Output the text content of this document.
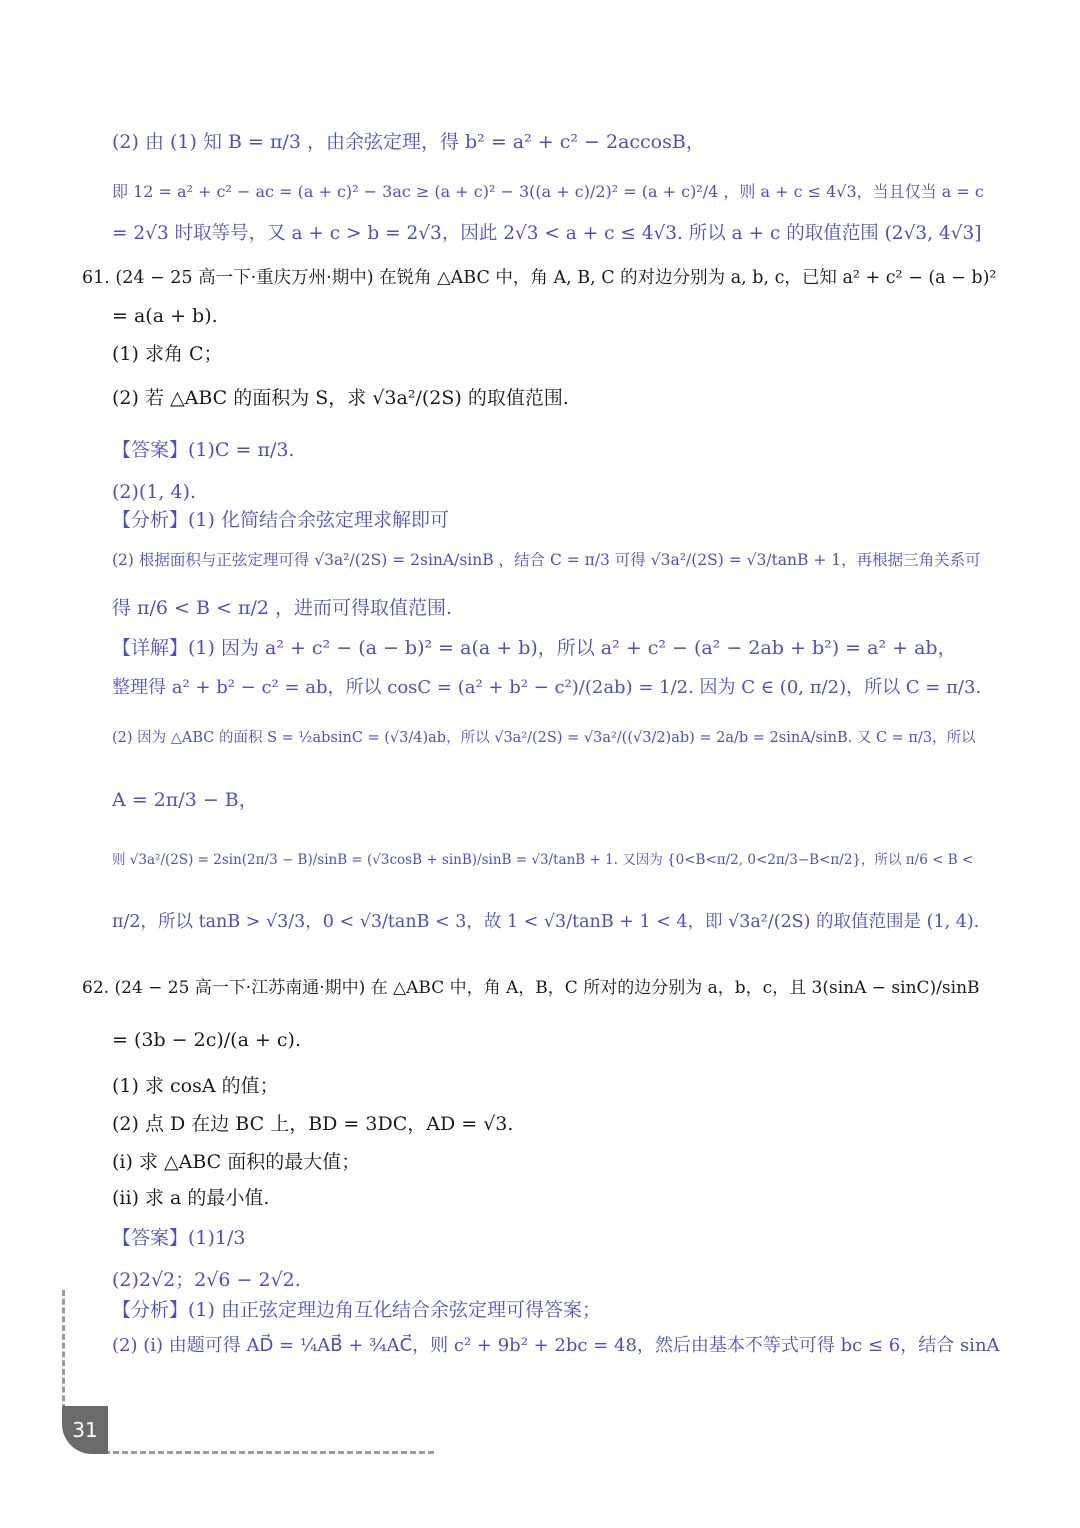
31
(2) 由 (1) 知 B = π/3 ，由余弦定理，得 b² = a² + c² − 2accosB，
即 12 = a² + c² − ac = (a + c)² − 3ac ≥ (a + c)² − 3((a + c)/2)² = (a + c)²/4 ，则 a + c ≤ 4√3，当且仅当 a = c
= 2√3 时取等号，又 a + c > b = 2√3，因此 2√3 < a + c ≤ 4√3. 所以 a + c 的取值范围 (2√3, 4√3]
= a(a + b).
(1) 求角 C；
(2) 若 △ABC 的面积为 S，求 √3a²/(2S) 的取值范围.
【答案】(1)C = π/3.
(2)(1, 4).
【分析】(1) 化简结合余弦定理求解即可
(2) 根据面积与正弦定理可得 √3a²/(2S) = 2sinA/sinB ，结合 C = π/3 可得 √3a²/(2S) = √3/tanB + 1，再根据三角关系可
得 π/6 < B < π/2 ，进而可得取值范围.
【详解】(1) 因为 a² + c² − (a − b)² = a(a + b)，所以 a² + c² − (a² − 2ab + b²) = a² + ab，
整理得 a² + b² − c² = ab，所以 cosC = (a² + b² − c²)/(2ab) = 1/2. 因为 C ∈ (0, π/2)，所以 C = π/3.
(2) 因为 △ABC 的面积 S = ½absinC = (√3/4)ab，所以 √3a²/(2S) = √3a²/((√3/2)ab) = 2a/b = 2sinA/sinB. 又 C = π/3，所以
A = 2π/3 − B，
则 √3a²/(2S) = 2sin(2π/3 − B)/sinB = (√3cosB + sinB)/sinB = √3/tanB + 1. 又因为 {0<B<π/2, 0<2π/3−B<π/2}，所以 π/6 < B <
π/2，所以 tanB > √3/3，0 < √3/tanB < 3，故 1 < √3/tanB + 1 < 4，即 √3a²/(2S) 的取值范围是 (1, 4).
= (3b − 2c)/(a + c).
(1) 求 cosA 的值；
(2) 点 D 在边 BC 上，BD = 3DC，AD = √3.
(i) 求 △ABC 面积的最大值；
(ii) 求 a 的最小值.
【答案】(1)1/3
(2)2√2；2√6 − 2√2.
【分析】(1) 由正弦定理边角互化结合余弦定理可得答案；
(2) (i) 由题可得 AD⃗ = ¼AB⃗ + ¾AC⃗，则 c² + 9b² + 2bc = 48，然后由基本不等式可得 bc ≤ 6，结合 sinA
61. (24 − 25 高一下·重庆万州·期中) 在锐角 △ABC 中，角 A, B, C 的对边分别为 a, b, c，已知 a² + c² − (a − b)²
62. (24 − 25 高一下·江苏南通·期中) 在 △ABC 中，角 A，B，C 所对的边分别为 a，b，c，且 3(sinA − sinC)/sinB
